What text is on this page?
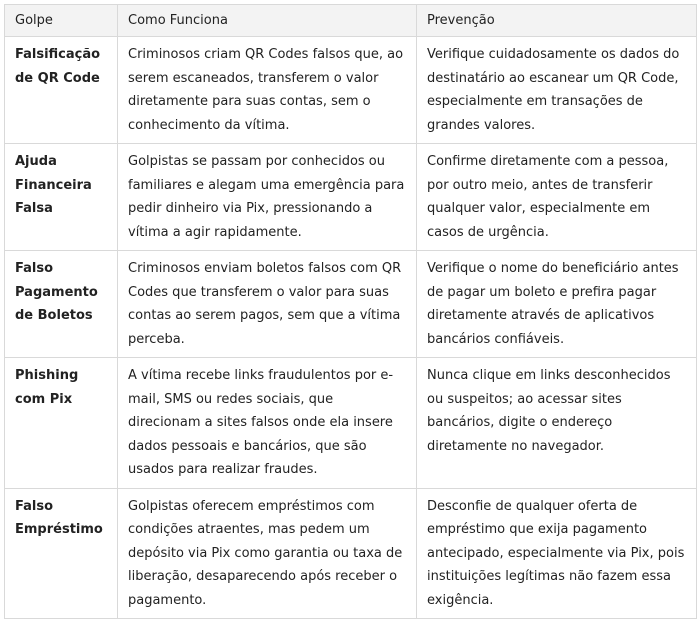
Golpe	Como Funciona	Prevenção
Falsificação de QR Code	Criminosos criam QR Codes falsos que, ao serem escaneados, transferem o valor diretamente para suas contas, sem o conhecimento da vítima.	Verifique cuidadosamente os dados do destinatário ao escanear um QR Code, especialmente em transações de grandes valores.
Ajuda Financeira Falsa	Golpistas se passam por conhecidos ou familiares e alegam uma emergência para pedir dinheiro via Pix, pressionando a vítima a agir rapidamente.	Confirme diretamente com a pessoa, por outro meio, antes de transferir qualquer valor, especialmente em casos de urgência.
Falso Pagamento de Boletos	Criminosos enviam boletos falsos com QR Codes que transferem o valor para suas contas ao serem pagos, sem que a vítima perceba.	Verifique o nome do beneficiário antes de pagar um boleto e prefira pagar diretamente através de aplicativos bancários confiáveis.
Phishing com Pix	A vítima recebe links fraudulentos por e-mail, SMS ou redes sociais, que direcionam a sites falsos onde ela insere dados pessoais e bancários, que são usados para realizar fraudes.	Nunca clique em links desconhecidos ou suspeitos; ao acessar sites bancários, digite o endereço diretamente no navegador.
Falso Empréstimo	Golpistas oferecem empréstimos com condições atraentes, mas pedem um depósito via Pix como garantia ou taxa de liberação, desaparecendo após receber o pagamento.	Desconfie de qualquer oferta de empréstimo que exija pagamento antecipado, especialmente via Pix, pois instituições legítimas não fazem essa exigência.
